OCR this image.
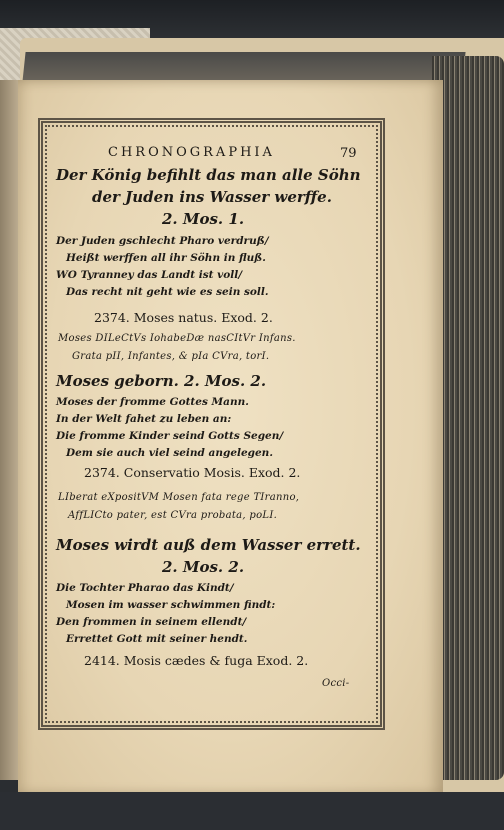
CHRONOGRAPHIA	79
Der König befihlt das man alle Söhn
der Juden ins Wasser werffe.
2. Mos. 1.
Der Juden gschlecht Pharo verdruß/
Heißt werffen all ihr Söhn in fluß.
WO Tyranney das Landt ist voll/
Das recht nit geht wie es sein soll.
2374. Moses natus. Exod. 2.
Moses DILeCtVs IohabeDæ nasCItVr Infans.
Grata pII, Infantes, & pIa CVra, torI.
Moses geborn. 2. Mos. 2.
Moses der fromme Gottes Mann.
In der Welt fahet zu leben an:
Die fromme Kinder seind Gotts Segen/
Dem sie auch viel seind angelegen.
2374. Conservatio Mosis. Exod. 2.
LIberat eXpositVM Mosen fata rege TIranno,
AffLICto pater, est CVra probata, poLI.
Moses wirdt auß dem Wasser errett.
2. Mos. 2.
Die Tochter Pharao das Kindt/
Mosen im wasser schwimmen findt:
Den frommen in seinem ellendt/
Errettet Gott mit seiner hendt.
2414. Mosis cædes & fuga Exod. 2.
Occi-
